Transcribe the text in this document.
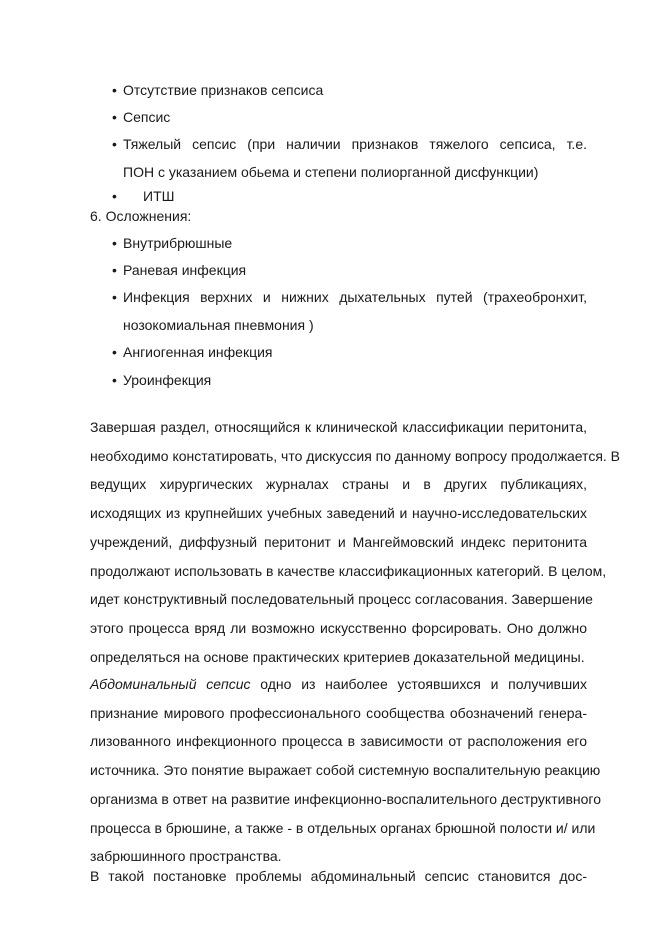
• Отсутствие признаков сепсиса
• Сепсис
• Тяжелый сепсис (при наличии признаков тяжелого сепсиса, т.е.
ПОН с указанием обьема и степени полиорганной дисфункции)
•	ИТШ
6. Осложнения:
• Внутрибрюшные
• Раневая инфекция
• Инфекция верхних и нижних дыхательных путей (трахеобронхит,
нозокомиальная пневмония )
• Ангиогенная инфекция
• Уроинфекция
Завершая раздел, относящийся к клинической классификации перитонита,
необходимо констатировать, что дискуссия по данному вопросу продолжается. В
ведущих хирургических журналах страны и в других публикациях,
исходящих из крупнейших учебных заведений и научно-исследовательских
учреждений, диффузный перитонит и Мангеймовский индекс перитонита
продолжают использовать в качестве классификационных категорий. В целом,
идет конструктивный последовательный процесс согласования. Завершение
этого процесса вряд ли возможно искусственно форсировать. Оно должно
определяться на основе практических критериев доказательной медицины.
Абдоминальный сепсис одно из наиболее устоявшихся и получивших
признание мирового профессионального сообщества обозначений генера-
лизованного инфекционного процесса в зависимости от расположения его
источника. Это понятие выражает собой системную воспалительную реакцию
организма в ответ на развитие инфекционно-воспалительного деструктивного
процесса в брюшине, а также - в отдельных органах брюшной полости и/ или
забрюшинного пространства.
В такой постановке проблемы абдоминальный сепсис становится дос-
